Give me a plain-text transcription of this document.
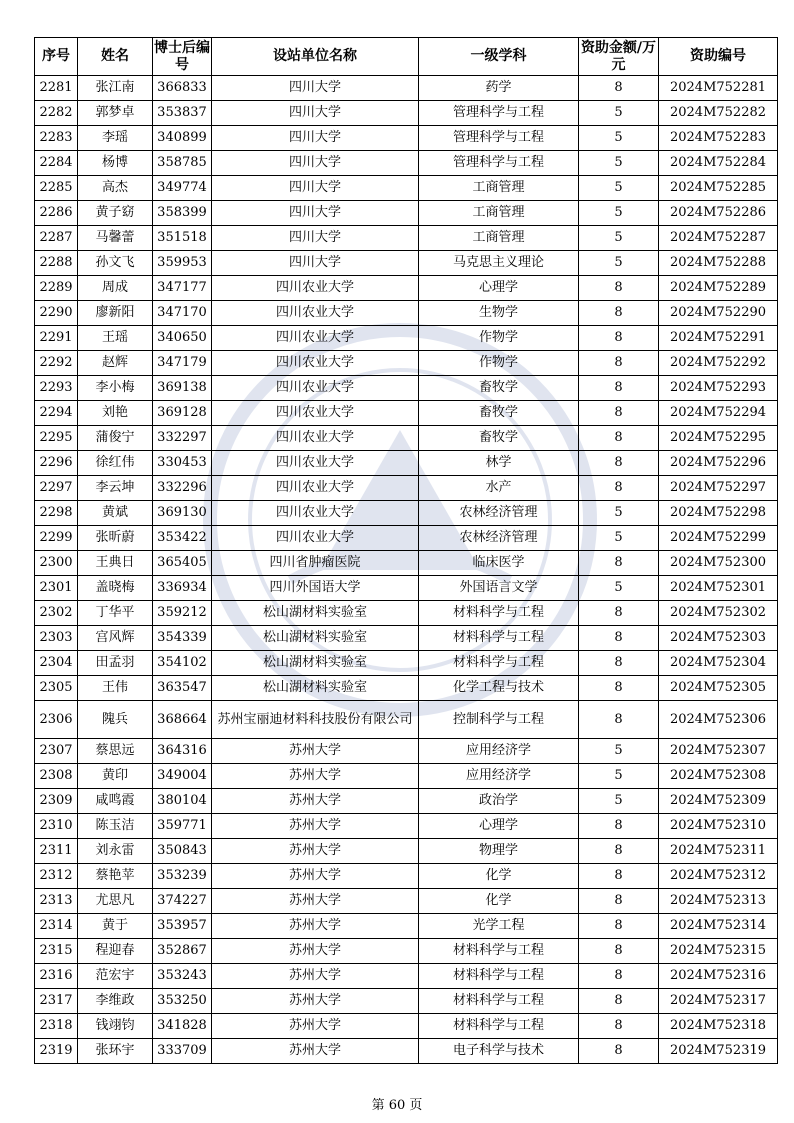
序号	姓名	博士后编号	设站单位名称	一级学科	资助金额/万元	资助编号
2281	张江南	366833	四川大学	药学	8	2024M752281
2282	郭梦卓	353837	四川大学	管理科学与工程	5	2024M752282
2283	李瑶	340899	四川大学	管理科学与工程	5	2024M752283
2284	杨博	358785	四川大学	管理科学与工程	5	2024M752284
2285	高杰	349774	四川大学	工商管理	5	2024M752285
2286	黄子窈	358399	四川大学	工商管理	5	2024M752286
2287	马馨蕾	351518	四川大学	工商管理	5	2024M752287
2288	孙文飞	359953	四川大学	马克思主义理论	5	2024M752288
2289	周成	347177	四川农业大学	心理学	8	2024M752289
2290	廖新阳	347170	四川农业大学	生物学	8	2024M752290
2291	王瑶	340650	四川农业大学	作物学	8	2024M752291
2292	赵辉	347179	四川农业大学	作物学	8	2024M752292
2293	李小梅	369138	四川农业大学	畜牧学	8	2024M752293
2294	刘艳	369128	四川农业大学	畜牧学	8	2024M752294
2295	蒲俊宁	332297	四川农业大学	畜牧学	8	2024M752295
2296	徐红伟	330453	四川农业大学	林学	8	2024M752296
2297	李云坤	332296	四川农业大学	水产	8	2024M752297
2298	黄斌	369130	四川农业大学	农林经济管理	5	2024M752298
2299	张昕蔚	353422	四川农业大学	农林经济管理	5	2024M752299
2300	王典日	365405	四川省肿瘤医院	临床医学	8	2024M752300
2301	盖晓梅	336934	四川外国语大学	外国语言文学	5	2024M752301
2302	丁华平	359212	松山湖材料实验室	材料科学与工程	8	2024M752302
2303	宫风辉	354339	松山湖材料实验室	材料科学与工程	8	2024M752303
2304	田孟羽	354102	松山湖材料实验室	材料科学与工程	8	2024M752304
2305	王伟	363547	松山湖材料实验室	化学工程与技术	8	2024M752305
2306	隗兵	368664	苏州宝丽迪材料科技股份有限公司	控制科学与工程	8	2024M752306
2307	蔡思远	364316	苏州大学	应用经济学	5	2024M752307
2308	黄印	349004	苏州大学	应用经济学	5	2024M752308
2309	咸鸣霞	380104	苏州大学	政治学	5	2024M752309
2310	陈玉洁	359771	苏州大学	心理学	8	2024M752310
2311	刘永雷	350843	苏州大学	物理学	8	2024M752311
2312	蔡艳苹	353239	苏州大学	化学	8	2024M752312
2313	尤思凡	374227	苏州大学	化学	8	2024M752313
2314	黄于	353957	苏州大学	光学工程	8	2024M752314
2315	程迎春	352867	苏州大学	材料科学与工程	8	2024M752315
2316	范宏宇	353243	苏州大学	材料科学与工程	8	2024M752316
2317	李维政	353250	苏州大学	材料科学与工程	8	2024M752317
2318	钱翊钧	341828	苏州大学	材料科学与工程	8	2024M752318
2319	张环宇	333709	苏州大学	电子科学与技术	8	2024M752319
第 60 页
